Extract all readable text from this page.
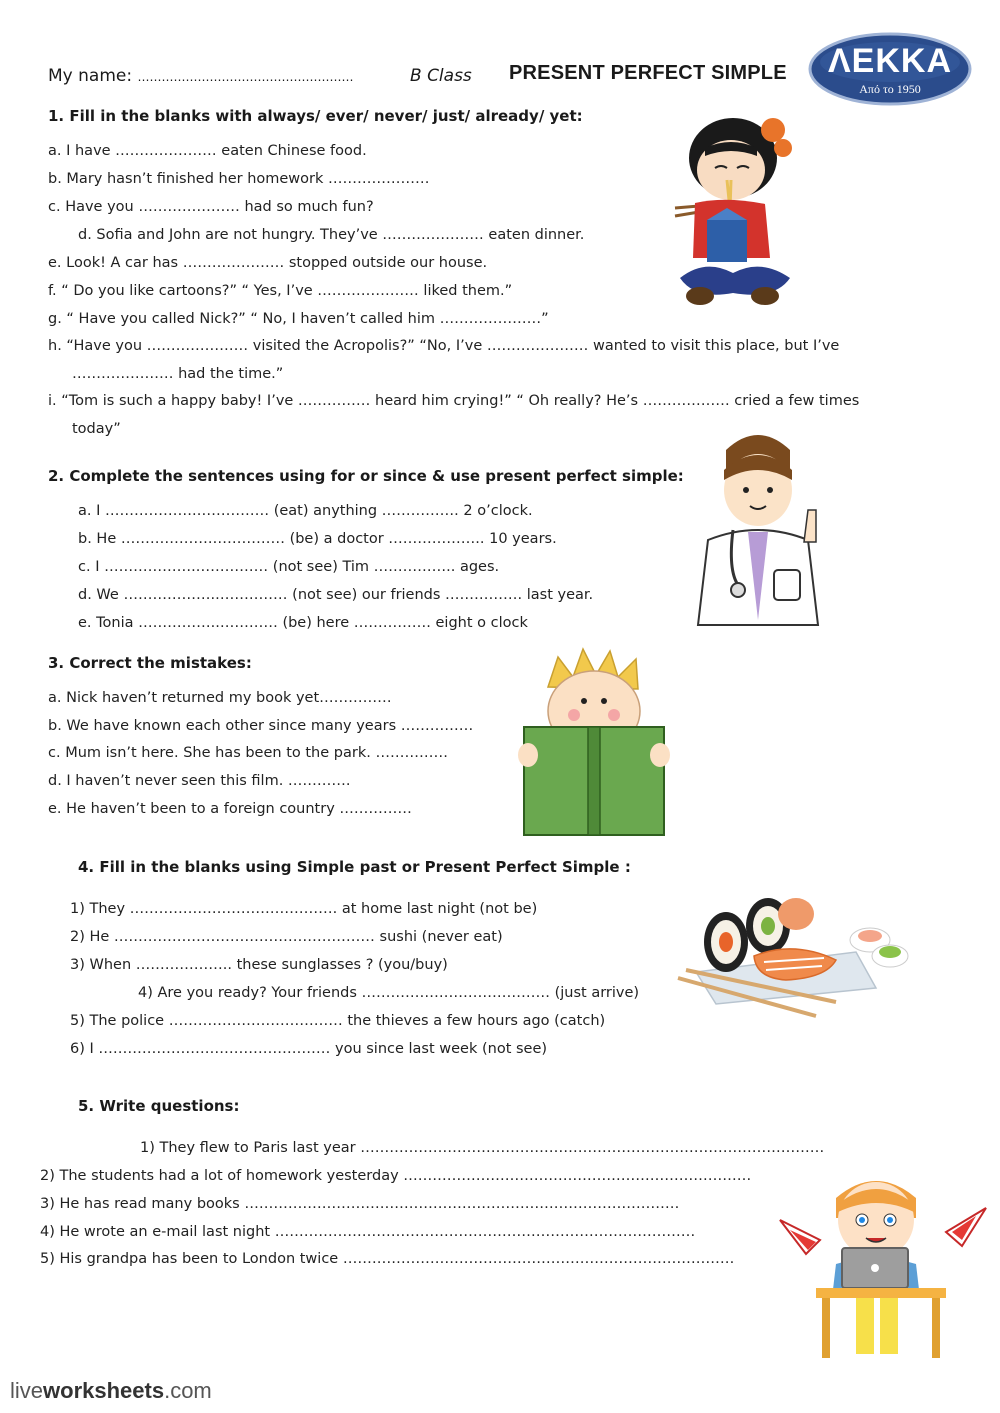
My name: ………………………………………………	B Class PRESENT PERFECT SIMPLE	ΛΕΚΚΑ
Από το 1950
1. Fill in the blanks with always/ ever/ never/ just/ already/ yet:
a. I have ………………… eaten Chinese food.
b. Mary hasn’t finished her homework …………………
c. Have you ………………… had so much fun?
d. Sofia and John are not hungry. They’ve ………………… eaten dinner.
e. Look! A car has ………………… stopped outside our house.
f. “ Do you like cartoons?” “ Yes, I’ve ………………… liked them.”
g. “ Have you called Nick?” “ No, I haven’t called him …………………”
h. “Have you ………………… visited the Acropolis?” “No, I’ve ………………… wanted to visit this place, but I’ve
………………… had the time.”
i. “Tom is such a happy baby! I’ve …………… heard him crying!” “ Oh really? He’s ……………… cried a few times
today”
2. Complete the sentences using for or since & use present perfect simple:
a. I ……………….…………… (eat) anything ……………. 2 o’clock.
b. He ……………….…………… (be) a doctor ……………….. 10 years.
c. I ……………….…………… (not see) Tim …………….. ages.
d. We ……………….…………… (not see) our friends ……………. last year.
e. Tonia ……………..………… (be) here ……………. eight o clock
3. Correct the mistakes:
a. Nick haven’t returned my book yet……………
b. We have known each other since many years ……………
c. Mum isn’t here. She has been to the park. ……………
d. I haven’t never seen this film. ………….
e. He haven’t been to a foreign country ……………
4. Fill in the blanks using Simple past or Present Perfect Simple :
1) They ……………………………………. at home last night (not be)
2) He ……………………………………………… sushi (never eat)
3) When ……………….. these sunglasses ? (you/buy)
4) Are you ready? Your friends ………………………………… (just arrive)
5) The police ……………………………… the thieves a few hours ago (catch)
6) I ………………………………………… you since last week (not see)
5. Write questions:
1) They flew to Paris last year ……………………………………………………………………………………
2) The students had a lot of homework yesterday ………………………………………………………………
3) He has read many books ………………………………………………………………………………
4) He wrote an e-mail last night ……………………………………………………………………………
5) His grandpa has been to London twice ………………………………………………………………………
liveworksheets.com
